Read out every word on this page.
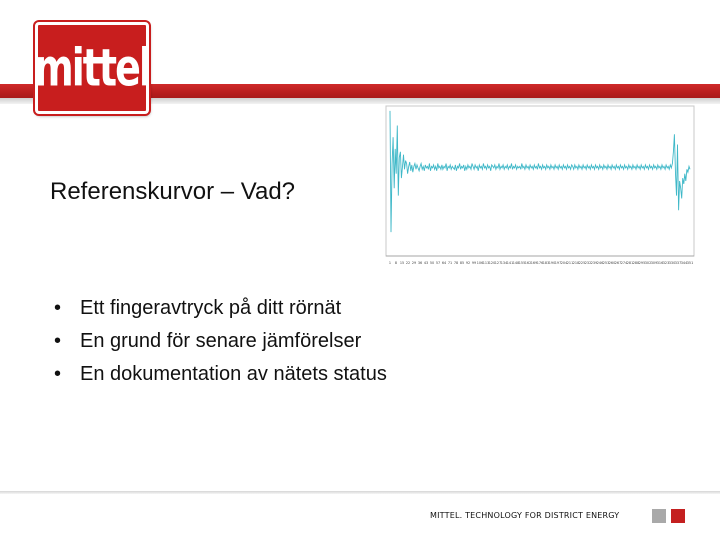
mittel
Referenskurvor – Vad?
1 8 15 22 29 36 43 50 57 64 71 78 85 92 99 106 113 120 127 134 141 148 155 162 169 176 183 190 197 204 211 218 225 232 239 246 253 260 267 274 281 288 295 302 309 316 323 330 337 344 351
• Ett fingeravtryck på ditt rörnät
• En grund för senare jämförelser
• En dokumentation av nätets status
MITTEL. TECHNOLOGY FOR DISTRICT ENERGY
